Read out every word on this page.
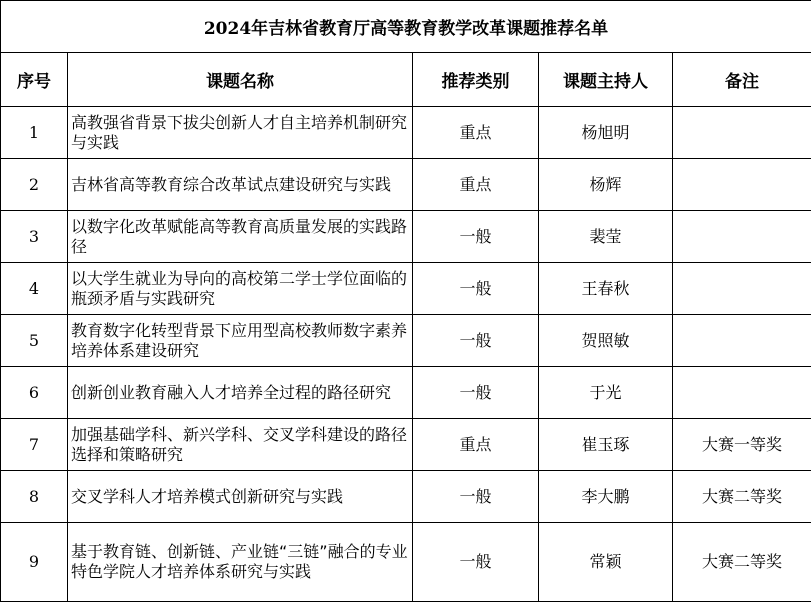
2024年吉林省教育厅高等教育教学改革课题推荐名单				
序号	课题名称	推荐类别	课题主持人	备注
1	高教强省背景下拔尖创新人才自主培养机制研究与实践	重点	杨旭明	
2	吉林省高等教育综合改革试点建设研究与实践	重点	杨辉	
3	以数字化改革赋能高等教育高质量发展的实践路径	一般	裴莹	
4	以大学生就业为导向的高校第二学士学位面临的瓶颈矛盾与实践研究	一般	王春秋	
5	教育数字化转型背景下应用型高校教师数字素养培养体系建设研究	一般	贺照敏	
6	创新创业教育融入人才培养全过程的路径研究	一般	于光	
7	加强基础学科、新兴学科、交叉学科建设的路径选择和策略研究	重点	崔玉琢	大赛一等奖
8	交叉学科人才培养模式创新研究与实践	一般	李大鹏	大赛二等奖
9	基于教育链、创新链、产业链“三链”融合的专业特色学院人才培养体系研究与实践	一般	常颖	大赛二等奖
